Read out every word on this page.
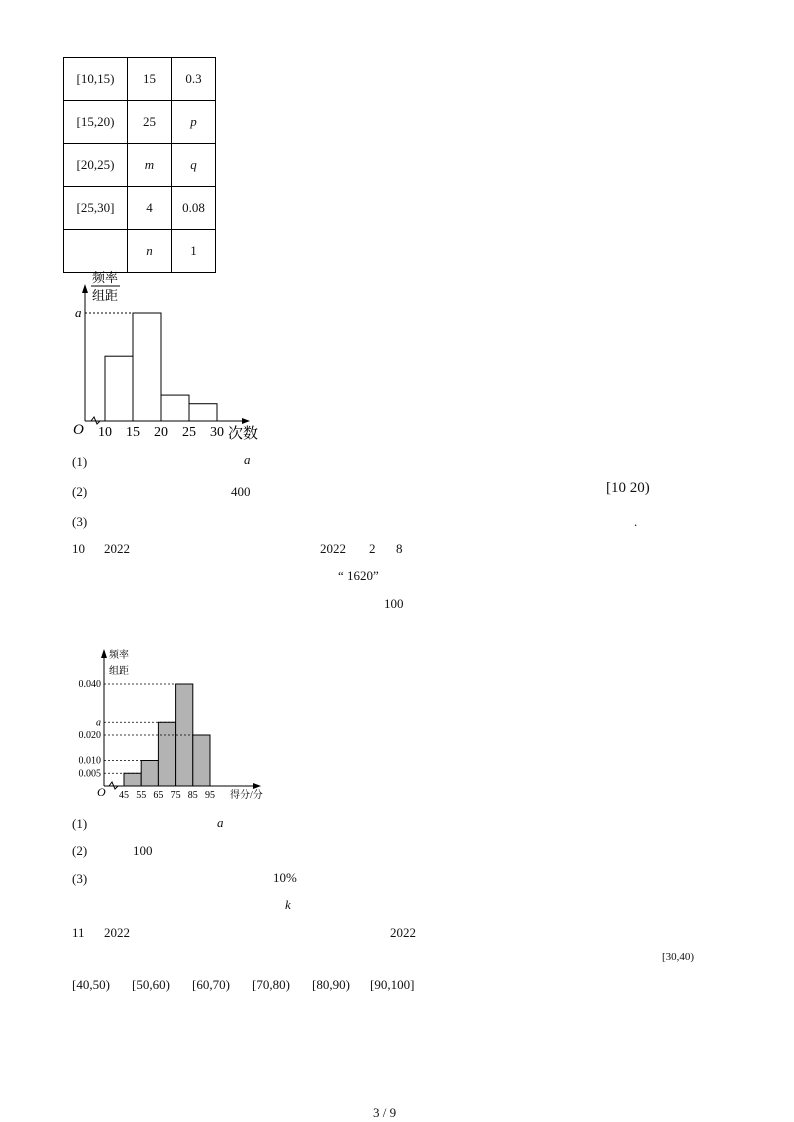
[10,15)	15	0.3
[15,20)	25	p
[20,25)	m	q
[25,30]	4	0.08
	n	1
a
10 15 20 25 30
O	次数
频率
组距
(1)	a
(2)	400	[10 20)
(3)	.
10 2022	2022 2 8
“ 1620”
100
0.040
a
0.020
0.010
0.005
45 55 65 75 85 95
O	得分/分
频率
组距
(1)	a
(2)	100
(3)	10%
k
11 2022	2022
[30,40)
[40,50) [50,60) [60,70) [70,80) [80,90) [90,100]
3 / 9
